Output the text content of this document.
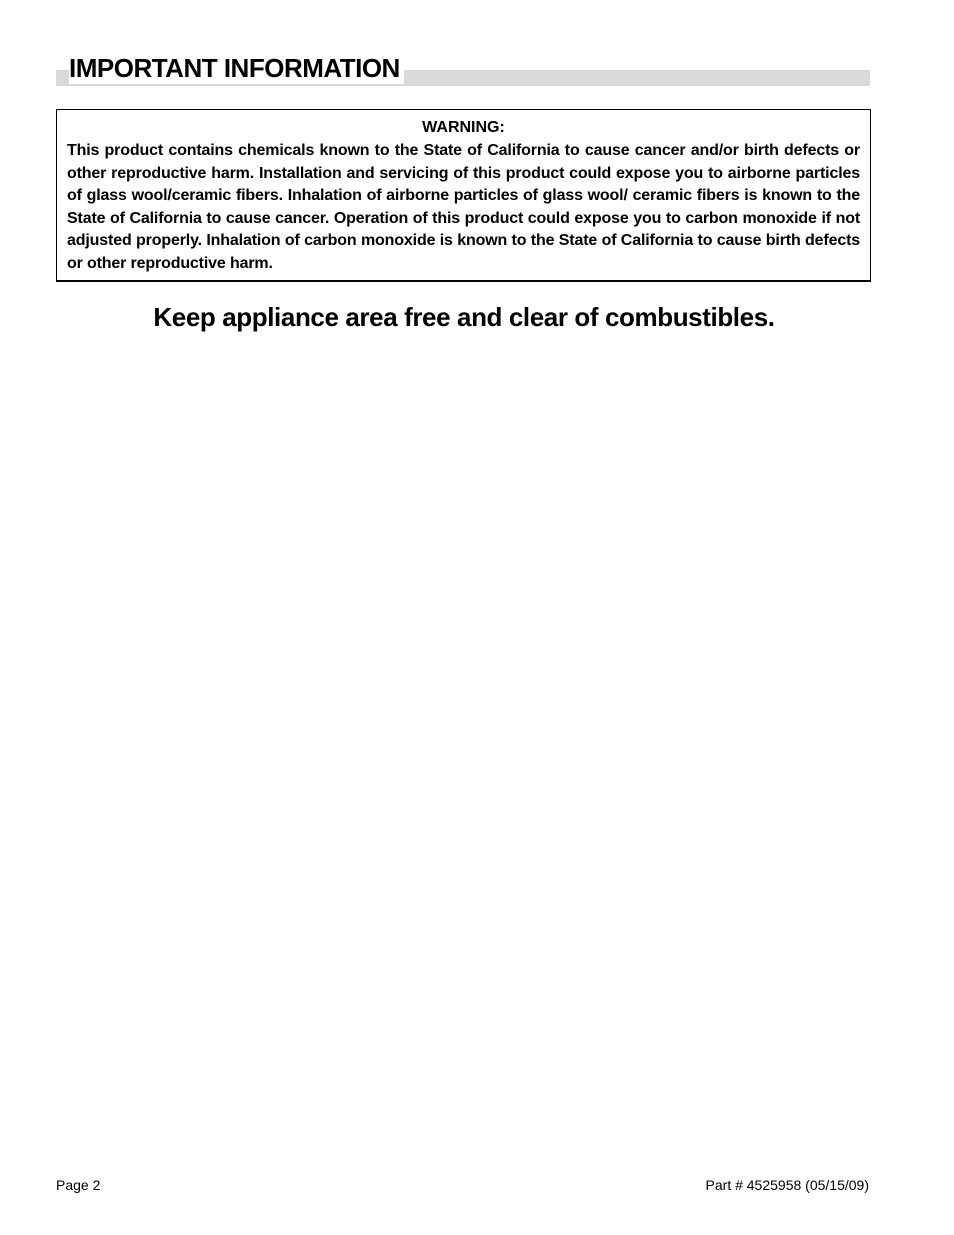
IMPORTANT INFORMATION

WARNING:

This product contains chemicals known to the State of California to cause cancer and/or birth defects or other reproductive harm. Installation and servicing of this product could expose you to airborne particles of glass wool/ceramic fibers. Inhalation of airborne particles of glass wool/ ceramic fibers is known to the State of California to cause cancer. Operation of this product could expose you to carbon monoxide if not adjusted properly. Inhalation of carbon monoxide is known to the State of California to cause birth defects or other reproductive harm.

Keep appliance area free and clear of combustibles.
Page 2	Part # 4525958 (05/15/09)
